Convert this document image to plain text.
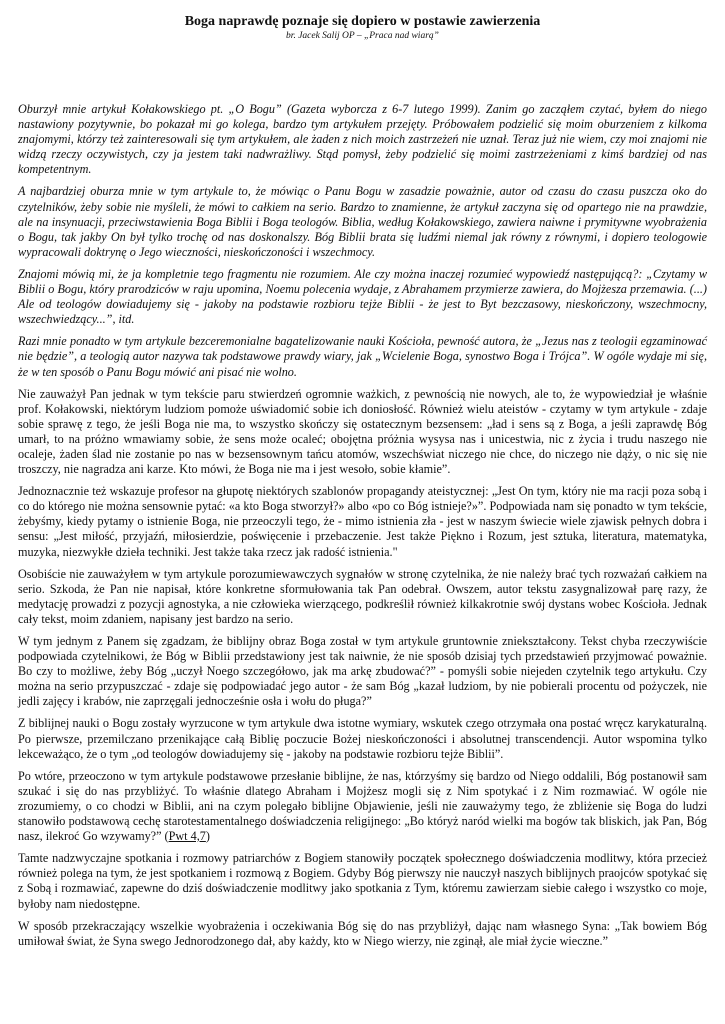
Boga naprawdę poznaje się dopiero w postawie zawierzenia
br. Jacek Salij OP – „Praca nad wiarą”

Oburzył mnie artykuł Kołakowskiego pt. „O Bogu” (Gazeta wyborcza z 6-7 lutego 1999). Zanim go zacząłem czytać, byłem do niego nastawiony pozytywnie, bo pokazał mi go kolega, bardzo tym artykułem przejęty. Próbowałem podzielić się moim oburzeniem z kilkoma znajomymi, którzy też zainteresowali się tym artykułem, ale żaden z nich moich zastrzeżeń nie uznał. Teraz już nie wiem, czy moi znajomi nie widzą rzeczy oczywistych, czy ja jestem taki nadwrażliwy. Stąd pomysł, żeby podzielić się moimi zastrzeżeniami z kimś bardziej od nas kompetentnym.

A najbardziej oburza mnie w tym artykule to, że mówiąc o Panu Bogu w zasadzie poważnie, autor od czasu do czasu puszcza oko do czytelników, żeby sobie nie myśleli, że mówi to całkiem na serio. Bardzo to znamienne, że artykuł zaczyna się od opartego nie na prawdzie, ale na insynuacji, przeciwstawienia Boga Biblii i Boga teologów. Biblia, według Kołakowskiego, zawiera naiwne i prymitywne wyobrażenia o Bogu, tak jakby On był tylko trochę od nas doskonalszy. Bóg Biblii brata się ludźmi niemal jak równy z równymi, i dopiero teologowie wypracowali doktrynę o Jego wieczności, nieskończoności i wszechmocy.

Znajomi mówią mi, że ja kompletnie tego fragmentu nie rozumiem. Ale czy można inaczej rozumieć wypowiedź następującą?: „Czytamy w Biblii o Bogu, który prarodziców w raju upomina, Noemu polecenia wydaje, z Abrahamem przymierze zawiera, do Mojżesza przemawia. (...) Ale od teologów dowiadujemy się - jakoby na podstawie rozbioru tejże Biblii - że jest to Byt bezczasowy, nieskończony, wszechmocny, wszechwiedzący...”, itd.

Razi mnie ponadto w tym artykule bezceremonialne bagatelizowanie nauki Kościoła, pewność autora, że „Jezus nas z teologii egzaminować nie będzie”, a teologią autor nazywa tak podstawowe prawdy wiary, jak „Wcielenie Boga, synostwo Boga i Trójca”. W ogóle wydaje mi się, że w ten sposób o Panu Bogu mówić ani pisać nie wolno.

Nie zauważył Pan jednak w tym tekście paru stwierdzeń ogromnie ważkich, z pewnością nie nowych, ale to, że wypowiedział je właśnie prof. Kołakowski, niektórym ludziom pomoże uświadomić sobie ich doniosłość. Również wielu ateistów - czytamy w tym artykule - zdaje sobie sprawę z tego, że jeśli Boga nie ma, to wszystko skończy się ostatecznym bezsensem: „ład i sens są z Boga, a jeśli zaprawdę Bóg umarł, to na próżno wmawiamy sobie, że sens może ocaleć; obojętna próżnia wysysa nas i unicestwia, nic z życia i trudu naszego nie ocaleje, żaden ślad nie zostanie po nas w bezsensownym tańcu atomów, wszechświat niczego nie chce, do niczego nie dąży, o nic się nie troszczy, nie nagradza ani karze. Kto mówi, że Boga nie ma i jest wesoło, sobie kłamie”.

Jednoznacznie też wskazuje profesor na głupotę niektórych szablonów propagandy ateistycznej: „Jest On tym, który nie ma racji poza sobą i co do którego nie można sensownie pytać: «a kto Boga stworzył?» albo «po co Bóg istnieje?»”. Podpowiada nam się ponadto w tym tekście, żebyśmy, kiedy pytamy o istnienie Boga, nie przeoczyli tego, że - mimo istnienia zła - jest w naszym świecie wiele zjawisk pełnych dobra i sensu: „Jest miłość, przyjaźń, miłosierdzie, poświęcenie i przebaczenie. Jest także Piękno i Rozum, jest sztuka, literatura, matematyka, muzyka, niezwykłe dzieła techniki. Jest także taka rzecz jak radość istnienia."

Osobiście nie zauważyłem w tym artykule porozumiewawczych sygnałów w stronę czytelnika, że nie należy brać tych rozważań całkiem na serio. Szkoda, że Pan nie napisał, które konkretne sformułowania tak Pan odebrał. Owszem, autor tekstu zasygnalizował parę razy, że medytację prowadzi z pozycji agnostyka, a nie człowieka wierzącego, podkreślił również kilkakrotnie swój dystans wobec Kościoła. Jednak cały tekst, moim zdaniem, napisany jest bardzo na serio.

W tym jednym z Panem się zgadzam, że biblijny obraz Boga został w tym artykule gruntownie zniekształcony. Tekst chyba rzeczywiście podpowiada czytelnikowi, że Bóg w Biblii przedstawiony jest tak naiwnie, że nie sposób dzisiaj tych przedstawień przyjmować poważnie. Bo czy to możliwe, żeby Bóg „uczył Noego szczegółowo, jak ma arkę zbudować?” - pomyśli sobie niejeden czytelnik tego artykułu. Czy można na serio przypuszczać - zdaje się podpowiadać jego autor - że sam Bóg „kazał ludziom, by nie pobierali procentu od pożyczek, nie jedli zajęcy i krabów, nie zaprzęgali jednocześnie osła i wołu do pługa?”

Z biblijnej nauki o Bogu zostały wyrzucone w tym artykule dwa istotne wymiary, wskutek czego otrzymała ona postać wręcz karykaturalną. Po pierwsze, przemilczano przenikające całą Biblię poczucie Bożej nieskończoności i absolutnej transcendencji. Autor wspomina tylko lekceważąco, że o tym „od teologów dowiadujemy się - jakoby na podstawie rozbioru tejże Biblii”.

Po wtóre, przeoczono w tym artykule podstawowe przesłanie biblijne, że nas, którzyśmy się bardzo od Niego oddalili, Bóg postanowił sam szukać i się do nas przybliżyć. To właśnie dlatego Abraham i Mojżesz mogli się z Nim spotykać i z Nim rozmawiać. W ogóle nie zrozumiemy, o co chodzi w Biblii, ani na czym polegało biblijne Objawienie, jeśli nie zauważymy tego, że zbliżenie się Boga do ludzi stanowiło podstawową cechę starotestamentalnego doświadczenia religijnego: „Bo któryż naród wielki ma bogów tak bliskich, jak Pan, Bóg nasz, ilekroć Go wzywamy?” (Pwt 4,7)

Tamte nadzwyczajne spotkania i rozmowy patriarchów z Bogiem stanowiły początek społecznego doświadczenia modlitwy, która przecież również polega na tym, że jest spotkaniem i rozmową z Bogiem. Gdyby Bóg pierwszy nie nauczył naszych biblijnych praojców spotykać się z Sobą i rozmawiać, zapewne do dziś doświadczenie modlitwy jako spotkania z Tym, któremu zawierzam siebie całego i wszystko co moje, byłoby nam niedostępne.

W sposób przekraczający wszelkie wyobrażenia i oczekiwania Bóg się do nas przybliżył, dając nam własnego Syna: „Tak bowiem Bóg umiłował świat, że Syna swego Jednorodzonego dał, aby każdy, kto w Niego wierzy, nie zginął, ale miał życie wieczne.”
